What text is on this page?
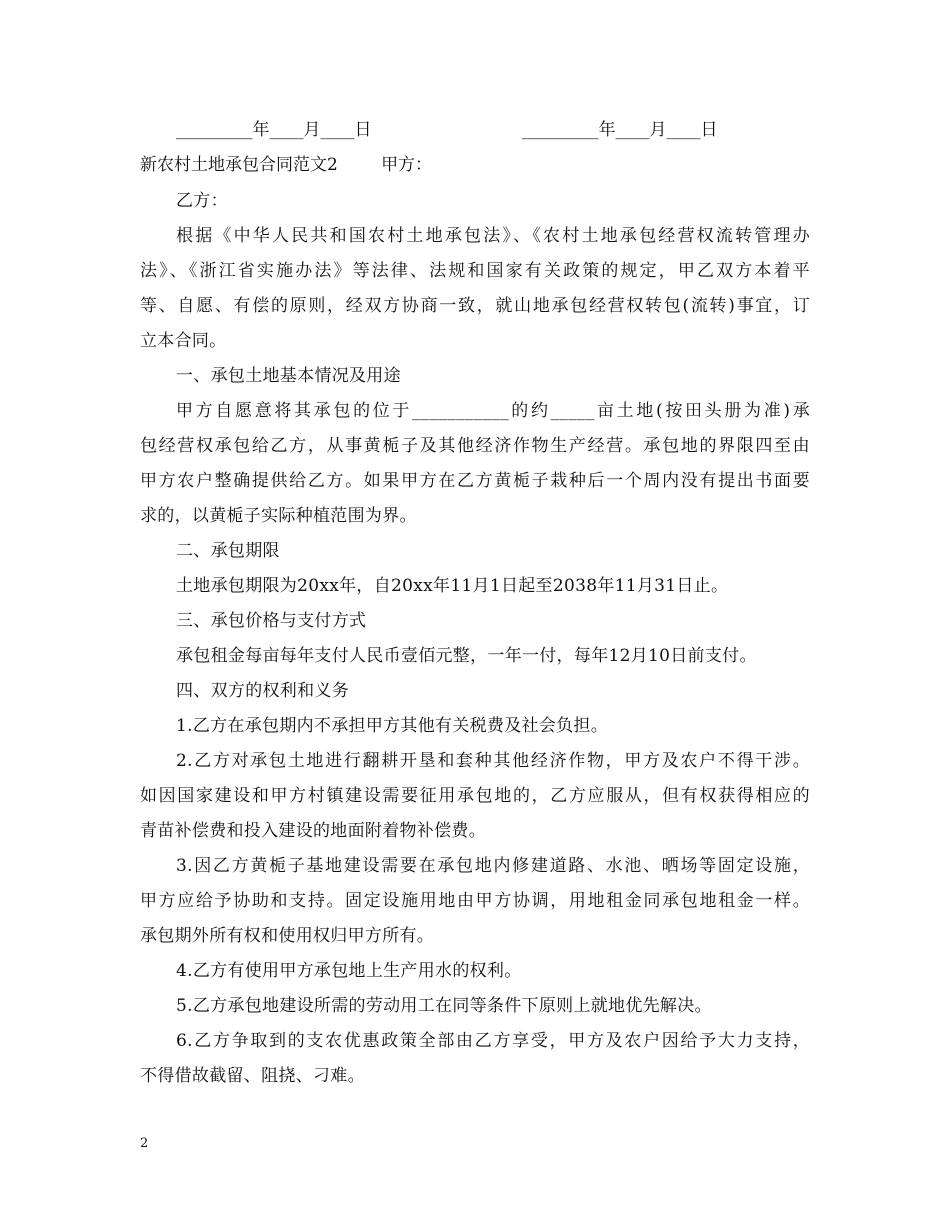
_________年____月____日	_________年____月____日
新农村土地承包合同范文2	甲方：
乙方：
根据《中华人民共和国农村土地承包法》、《农村土地承包经营权流转管理办
法》、《浙江省实施办法》等法律、法规和国家有关政策的规定，甲乙双方本着平
等、自愿、有偿的原则，经双方协商一致，就山地承包经营权转包(流转)事宜，订
立本合同。
一、承包土地基本情况及用途
甲方自愿意将其承包的位于___________的约_____亩土地(按田头册为准)承
包经营权承包给乙方，从事黄栀子及其他经济作物生产经营。承包地的界限四至由
甲方农户整确提供给乙方。如果甲方在乙方黄栀子栽种后一个周内没有提出书面要
求的，以黄栀子实际种植范围为界。
二、承包期限
土地承包期限为20xx年，自20xx年11月1日起至2038年11月31日止。
三、承包价格与支付方式
承包租金每亩每年支付人民币壹佰元整，一年一付，每年12月10日前支付。
四、双方的权利和义务
1.乙方在承包期内不承担甲方其他有关税费及社会负担。
2.乙方对承包土地进行翻耕开垦和套种其他经济作物，甲方及农户不得干涉。
如因国家建设和甲方村镇建设需要征用承包地的，乙方应服从，但有权获得相应的
青苗补偿费和投入建设的地面附着物补偿费。
3.因乙方黄栀子基地建设需要在承包地内修建道路、水池、晒场等固定设施，
甲方应给予协助和支持。固定设施用地由甲方协调，用地租金同承包地租金一样。
承包期外所有权和使用权归甲方所有。
4.乙方有使用甲方承包地上生产用水的权利。
5.乙方承包地建设所需的劳动用工在同等条件下原则上就地优先解决。
6.乙方争取到的支农优惠政策全部由乙方享受，甲方及农户因给予大力支持，
不得借故截留、阻挠、刁难。
2
